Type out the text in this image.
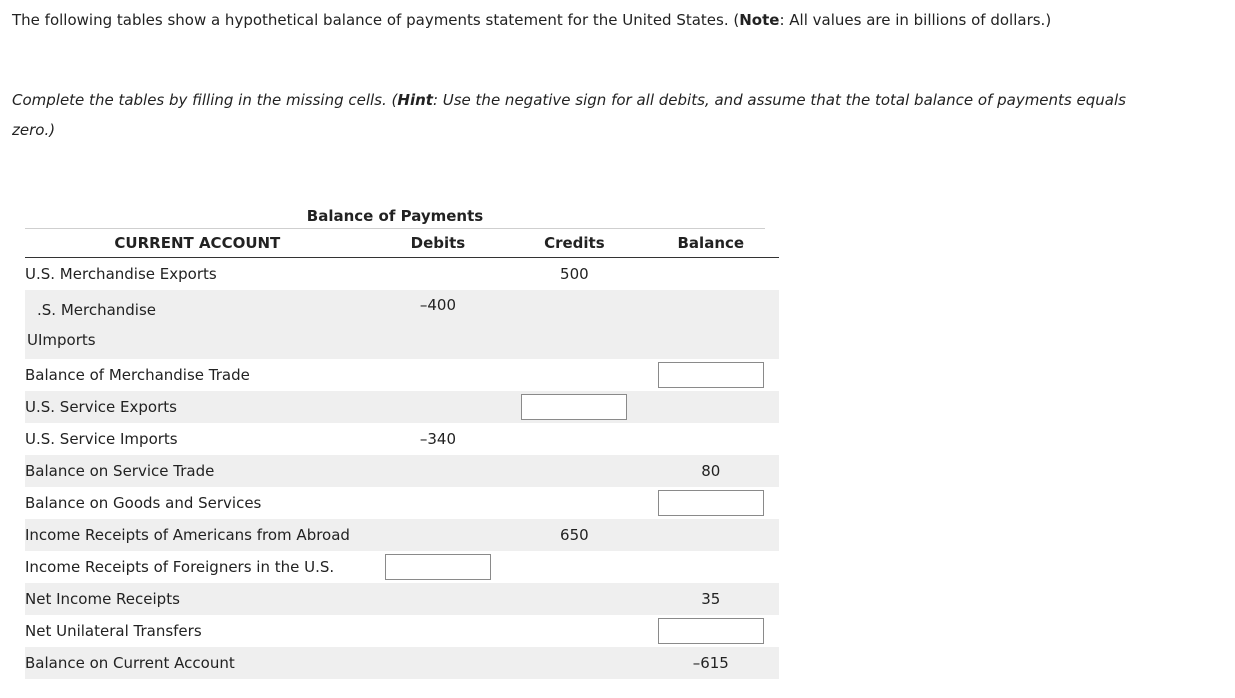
The following tables show a hypothetical balance of payments statement for the United States. (Note: All values are in billions of dollars.)
Complete the tables by filling in the missing cells. (Hint: Use the negative sign for all debits, and assume that the total balance of payments equals zero.)
Balance of Payments
CURRENT ACCOUNT	Debits	Credits	Balance
U.S. Merchandise Exports		500	

.S. Merchandise
UImports	–400		
Balance of Merchandise Trade			

U.S. Service Exports		

U.S. Service Imports	–340		
Balance on Service Trade			80
Balance on Goods and Services			

Income Receipts of Americans from Abroad		650	
Income Receipts of Foreigners in the U.S.	

Net Income Receipts			35
Net Unilateral Transfers			

Balance on Current Account			–615
